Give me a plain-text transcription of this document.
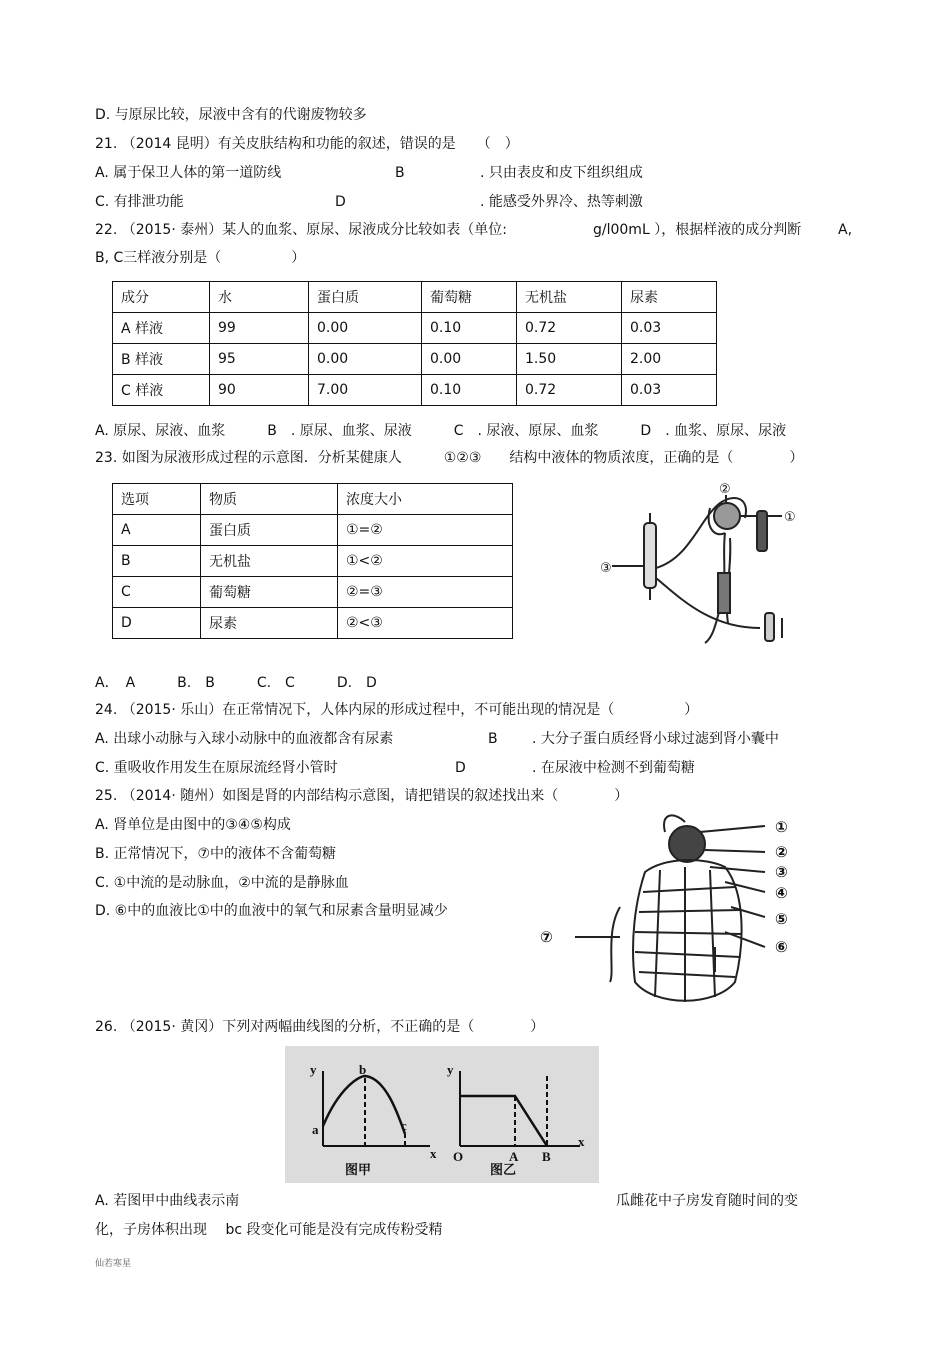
D. 与原尿比较，尿液中含有的代谢废物较多
21. （2014 昆明）有关皮肤结构和功能的叙述，错误的是　　（　）
A. 属于保卫人体的第一道防线	B	. 只由表皮和皮下组织组成
C. 有排泄功能	D	. 能感受外界冷、热等刺激
22. （2015· 泰州）某人的血浆、原尿、尿液成分比较如表（单位:	g/l00mL ），根据样液的成分判断	A,
B, C三样液分别是（　　　　　）
成分	水	蛋白质	葡萄糖	无机盐	尿素
A 样液	99	0.00	0.10	0.72	0.03
B 样液	95	0.00	0.00	1.50	2.00
C 样液	90	7.00	0.10	0.72	0.03
A. 原尿、尿液、血浆　　　B　. 原尿、血浆、尿液　　　C　. 尿液、原尿、血浆　　　D　. 血浆、原尿、尿液
23. 如图为尿液形成过程的示意图．分析某健康人　　　①②③　　结构中液体的物质浓度，正确的是（　　　　）
选项	物质	浓度大小
A	蛋白质	①=②
B	无机盐	①<②
C	葡萄糖	②=③
D	尿素	②<③
②
①
③
A．　A　　　B.　B　　　C.　C　　　D.　D
24. （2015· 乐山）在正常情况下，人体内尿的形成过程中，不可能出现的情况是（　　　　　）
A. 出球小动脉与入球小动脉中的血液都含有尿素	B . 大分子蛋白质经肾小球过滤到肾小囊中
C. 重吸收作用发生在原尿流经肾小管时	D	. 在尿液中检测不到葡萄糖
25. （2014· 随州）如图是肾的内部结构示意图，请把错误的叙述找出来（　　　　）
A. 肾单位是由图中的③④⑤构成
B. 正常情况下，⑦中的液体不含葡萄糖
C. ①中流的是动脉血，②中流的是静脉血
D. ⑥中的血液比①中的血液中的氧气和尿素含量明显减少
①
②
③
④
⑤
⑥
⑦
26. （2015· 黄冈）下列对两幅曲线图的分析，不正确的是（　　　　）
y
x
a
b
c
图甲
y
x
O	A B
图乙
A. 若图甲中曲线表示南	瓜雌花中子房发育随时间的变
化，子房体积出现　 bc 段变化可能是没有完成传粉受精
仙若寒星
